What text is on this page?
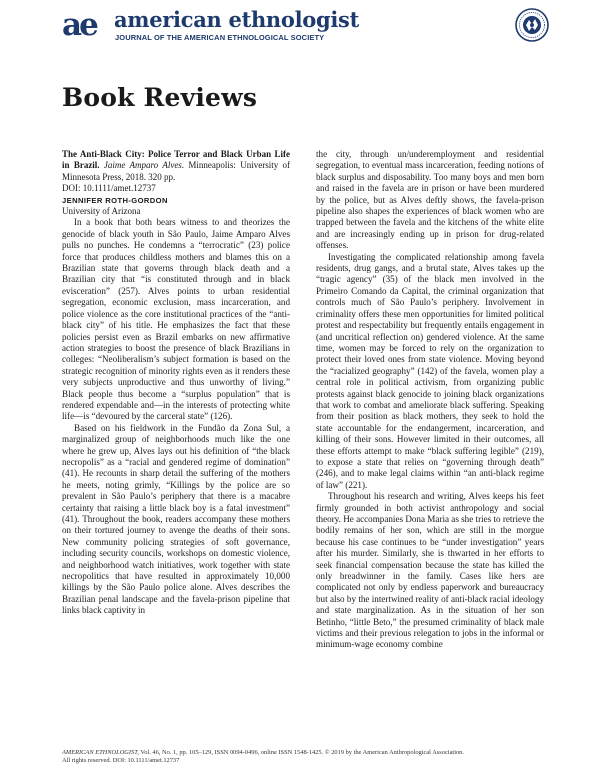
ae american ethnologist
JOURNAL OF THE AMERICAN ETHNOLOGICAL SOCIETY
Book Reviews

The Anti-Black City: Police Terror and Black Urban Life in Brazil. Jaime Amparo Alves. Minneapolis: University of Minnesota Press, 2018. 320 pp.

DOI: 10.1111/amet.12737

JENNIFER ROTH-GORDON

University of Arizona

In a book that both bears witness to and theorizes the genocide of black youth in São Paulo, Jaime Amparo Alves pulls no punches. He condemns a “terrocratic” (23) police force that produces childless mothers and blames this on a Brazilian state that governs through black death and a Brazilian city that “is constituted through and in black evisceration” (257). Alves points to urban residential segregation, economic exclusion, mass incarceration, and police violence as the core institutional practices of the “anti-black city” of his title. He emphasizes the fact that these policies persist even as Brazil embarks on new affirmative action strategies to boost the presence of black Brazilians in colleges: “Neoliberalism’s subject formation is based on the strategic recognition of minority rights even as it renders these very subjects unproductive and thus unworthy of living.” Black people thus become a “surplus population” that is rendered expendable and—in the interests of protecting white life—is “devoured by the carceral state” (126).

Based on his fieldwork in the Fundão da Zona Sul, a marginalized group of neighborhoods much like the one where he grew up, Alves lays out his definition of “the black necropolis” as a “racial and gendered regime of domination” (41). He recounts in sharp detail the suffering of the mothers he meets, noting grimly, “Killings by the police are so prevalent in São Paulo’s periphery that there is a macabre certainty that raising a little black boy is a fatal investment” (41). Throughout the book, readers accompany these mothers on their tortured journey to avenge the deaths of their sons. New community policing strategies of soft governance, including security councils, workshops on domestic violence, and neighborhood watch initiatives, work together with state necropolitics that have resulted in approximately 10,000 killings by the São Paulo police alone. Alves describes the Brazilian penal landscape and the favela-prison pipeline that links black captivity in

the city, through un/underemployment and residential segregation, to eventual mass incarceration, feeding notions of black surplus and disposability. Too many boys and men born and raised in the favela are in prison or have been murdered by the police, but as Alves deftly shows, the favela-prison pipeline also shapes the experiences of black women who are trapped between the favela and the kitchens of the white elite and are increasingly ending up in prison for drug-related offenses.

Investigating the complicated relationship among favela residents, drug gangs, and a brutal state, Alves takes up the “tragic agency” (35) of the black men involved in the Primeiro Comando da Capital, the criminal organization that controls much of São Paulo’s periphery. Involvement in criminality offers these men opportunities for limited political protest and respectability but frequently entails engagement in (and uncritical reflection on) gendered violence. At the same time, women may be forced to rely on the organization to protect their loved ones from state violence. Moving beyond the “racialized geography” (142) of the favela, women play a central role in political activism, from organizing public protests against black genocide to joining black organizations that work to combat and ameliorate black suffering. Speaking from their position as black mothers, they seek to hold the state accountable for the endangerment, incarceration, and killing of their sons. However limited in their outcomes, all these efforts attempt to make “black suffering legible” (219), to expose a state that relies on “governing through death” (246), and to make legal claims within “an anti-black regime of law” (221).

Throughout his research and writing, Alves keeps his feet firmly grounded in both activist anthropology and social theory. He accompanies Dona Maria as she tries to retrieve the bodily remains of her son, which are still in the morgue because his case continues to be “under investigation” years after his murder. Similarly, she is thwarted in her efforts to seek financial compensation because the state has killed the only breadwinner in the family. Cases like hers are complicated not only by endless paperwork and bureaucracy but also by the intertwined reality of anti-black racial ideology and state marginalization. As in the situation of her son Betinho, “little Beto,” the presumed criminality of black male victims and their previous relegation to jobs in the informal or minimum-wage economy combine

AMERICAN ETHNOLOGIST, Vol. 46, No. 1, pp. 105–129, ISSN 0094-0496, online ISSN 1548-1425. © 2019 by the American Anthropological Association.
All rights reserved. DOI: 10.1111/amet.12737
